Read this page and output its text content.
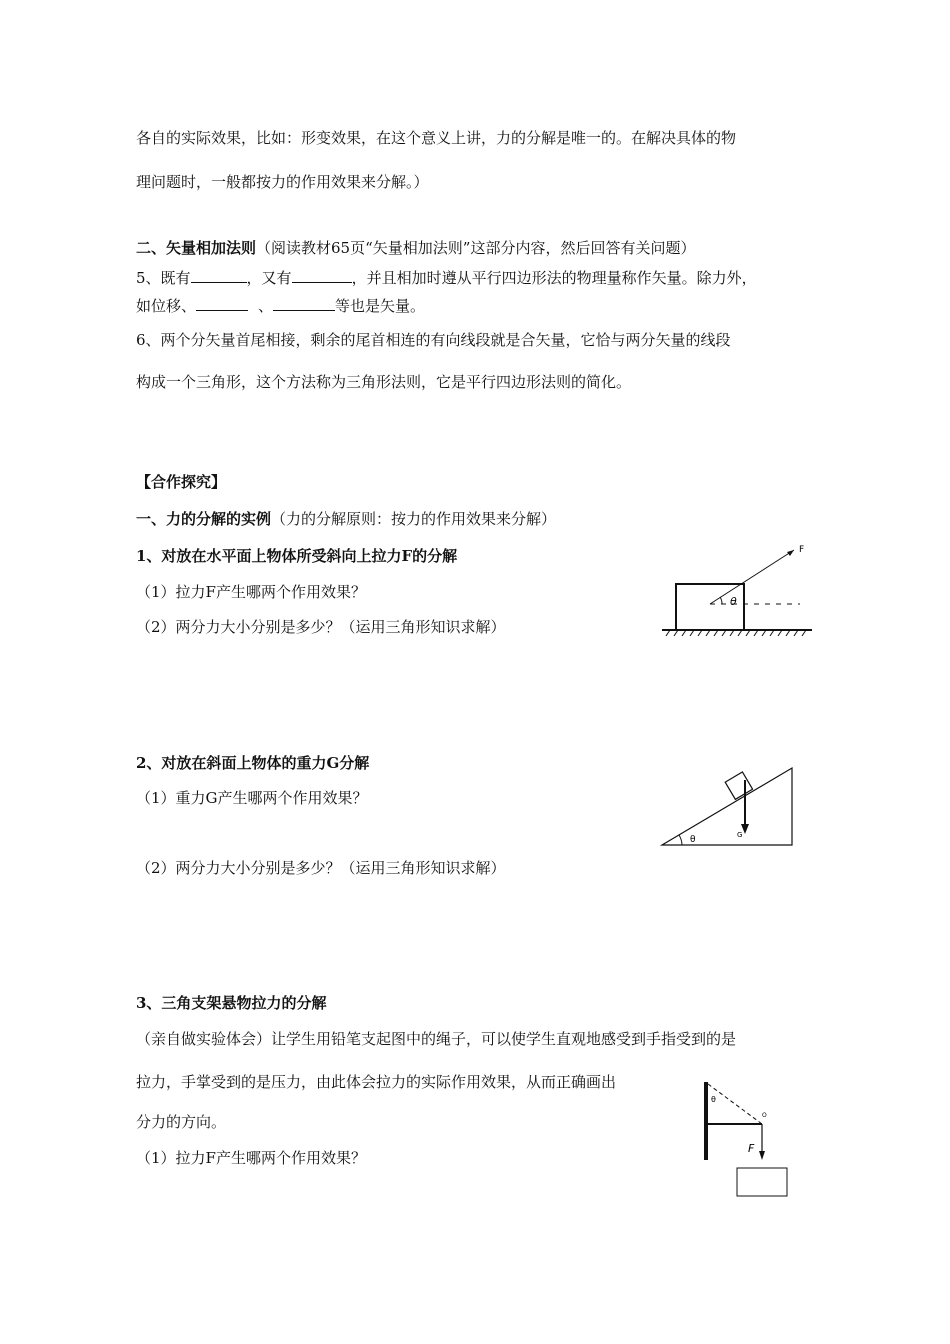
各自的实际效果，比如：形变效果，在这个意义上讲，力的分解是唯一的。在解决具体的物
理问题时，一般都按力的作用效果来分解。）
二、矢量相加法则（阅读教材65页“矢量相加法则”这部分内容，然后回答有关问题）
5、既有	，又有	，并且相加时遵从平行四边形法的物理量称作矢量。除力外，
如位移、	、	等也是矢量。
6、两个分矢量首尾相接，剩余的尾首相连的有向线段就是合矢量，它恰与两分矢量的线段
构成一个三角形，这个方法称为三角形法则，它是平行四边形法则的简化。
【合作探究】
一、力的分解的实例（力的分解原则：按力的作用效果来分解）
1、对放在水平面上物体所受斜向上拉力F的分解
（1）拉力F产生哪两个作用效果？
（2）两分力大小分别是多少？（运用三角形知识求解）
F
θ
2、对放在斜面上物体的重力G分解
（1）重力G产生哪两个作用效果？
（2）两分力大小分别是多少？（运用三角形知识求解）
θ	G
3、三角支架悬物拉力的分解
（亲自做实验体会）让学生用铅笔支起图中的绳子，可以使学生直观地感受到手指受到的是
拉力，手掌受到的是压力，由此体会拉力的实际作用效果，从而正确画出
分力的方向。
（1）拉力F产生哪两个作用效果？
θ
O
F
